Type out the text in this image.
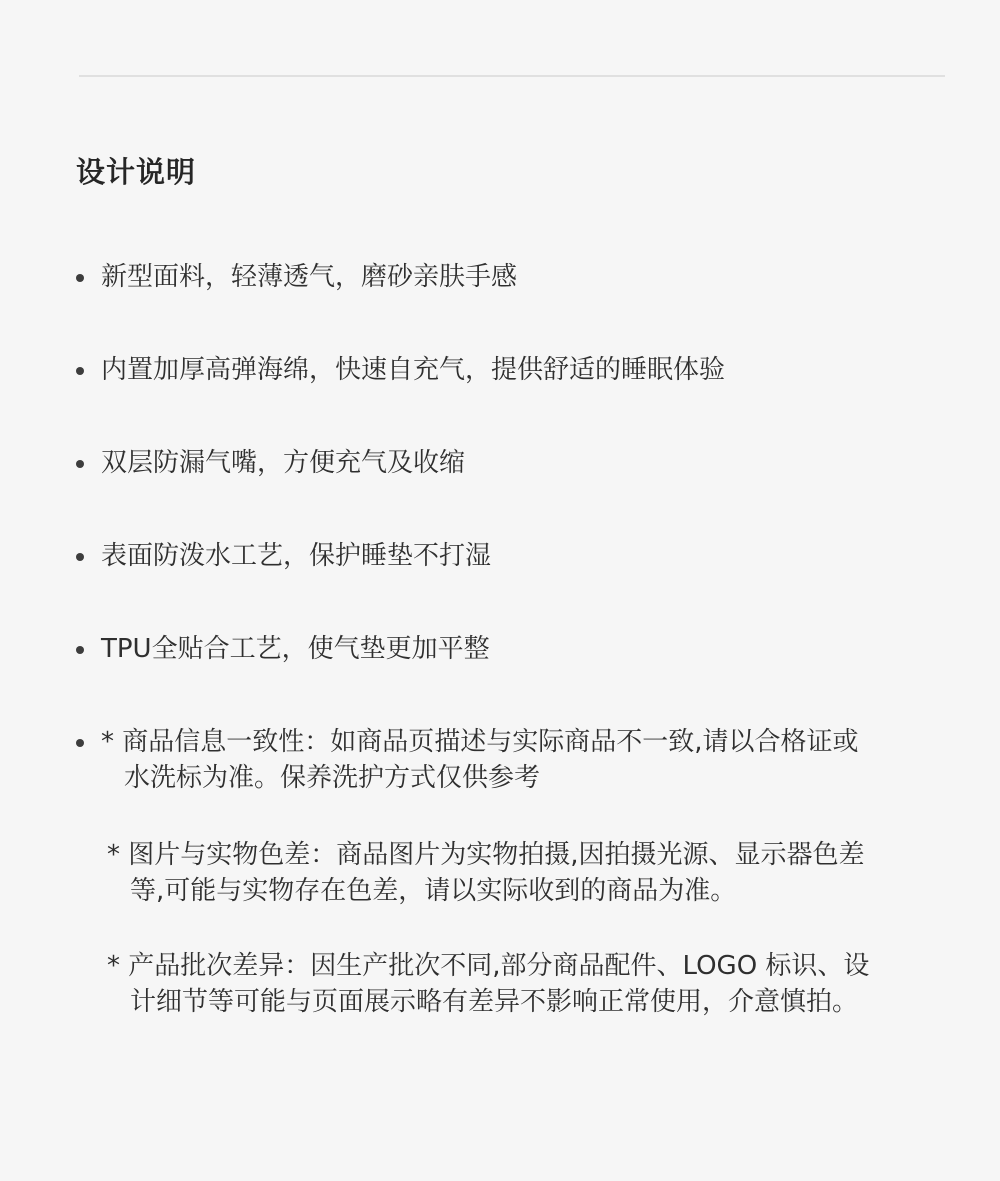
设计说明
新型面料，轻薄透气，磨砂亲肤手感
内置加厚高弹海绵，快速自充气，提供舒适的睡眠体验
双层防漏气嘴，方便充气及收缩
表面防泼水工艺，保护睡垫不打湿
TPU全贴合工艺，使气垫更加平整
* 商品信息一致性：如商品页描述与实际商品不一致,请以合格证或
水洗标为准。保养洗护方式仅供参考
* 图片与实物色差：商品图片为实物拍摄,因拍摄光源、显示器色差
等,可能与实物存在色差，请以实际收到的商品为准。
* 产品批次差异：因生产批次不同,部分商品配件、LOGO 标识、设
计细节等可能与页面展示略有差异不影响正常使用，介意慎拍。
